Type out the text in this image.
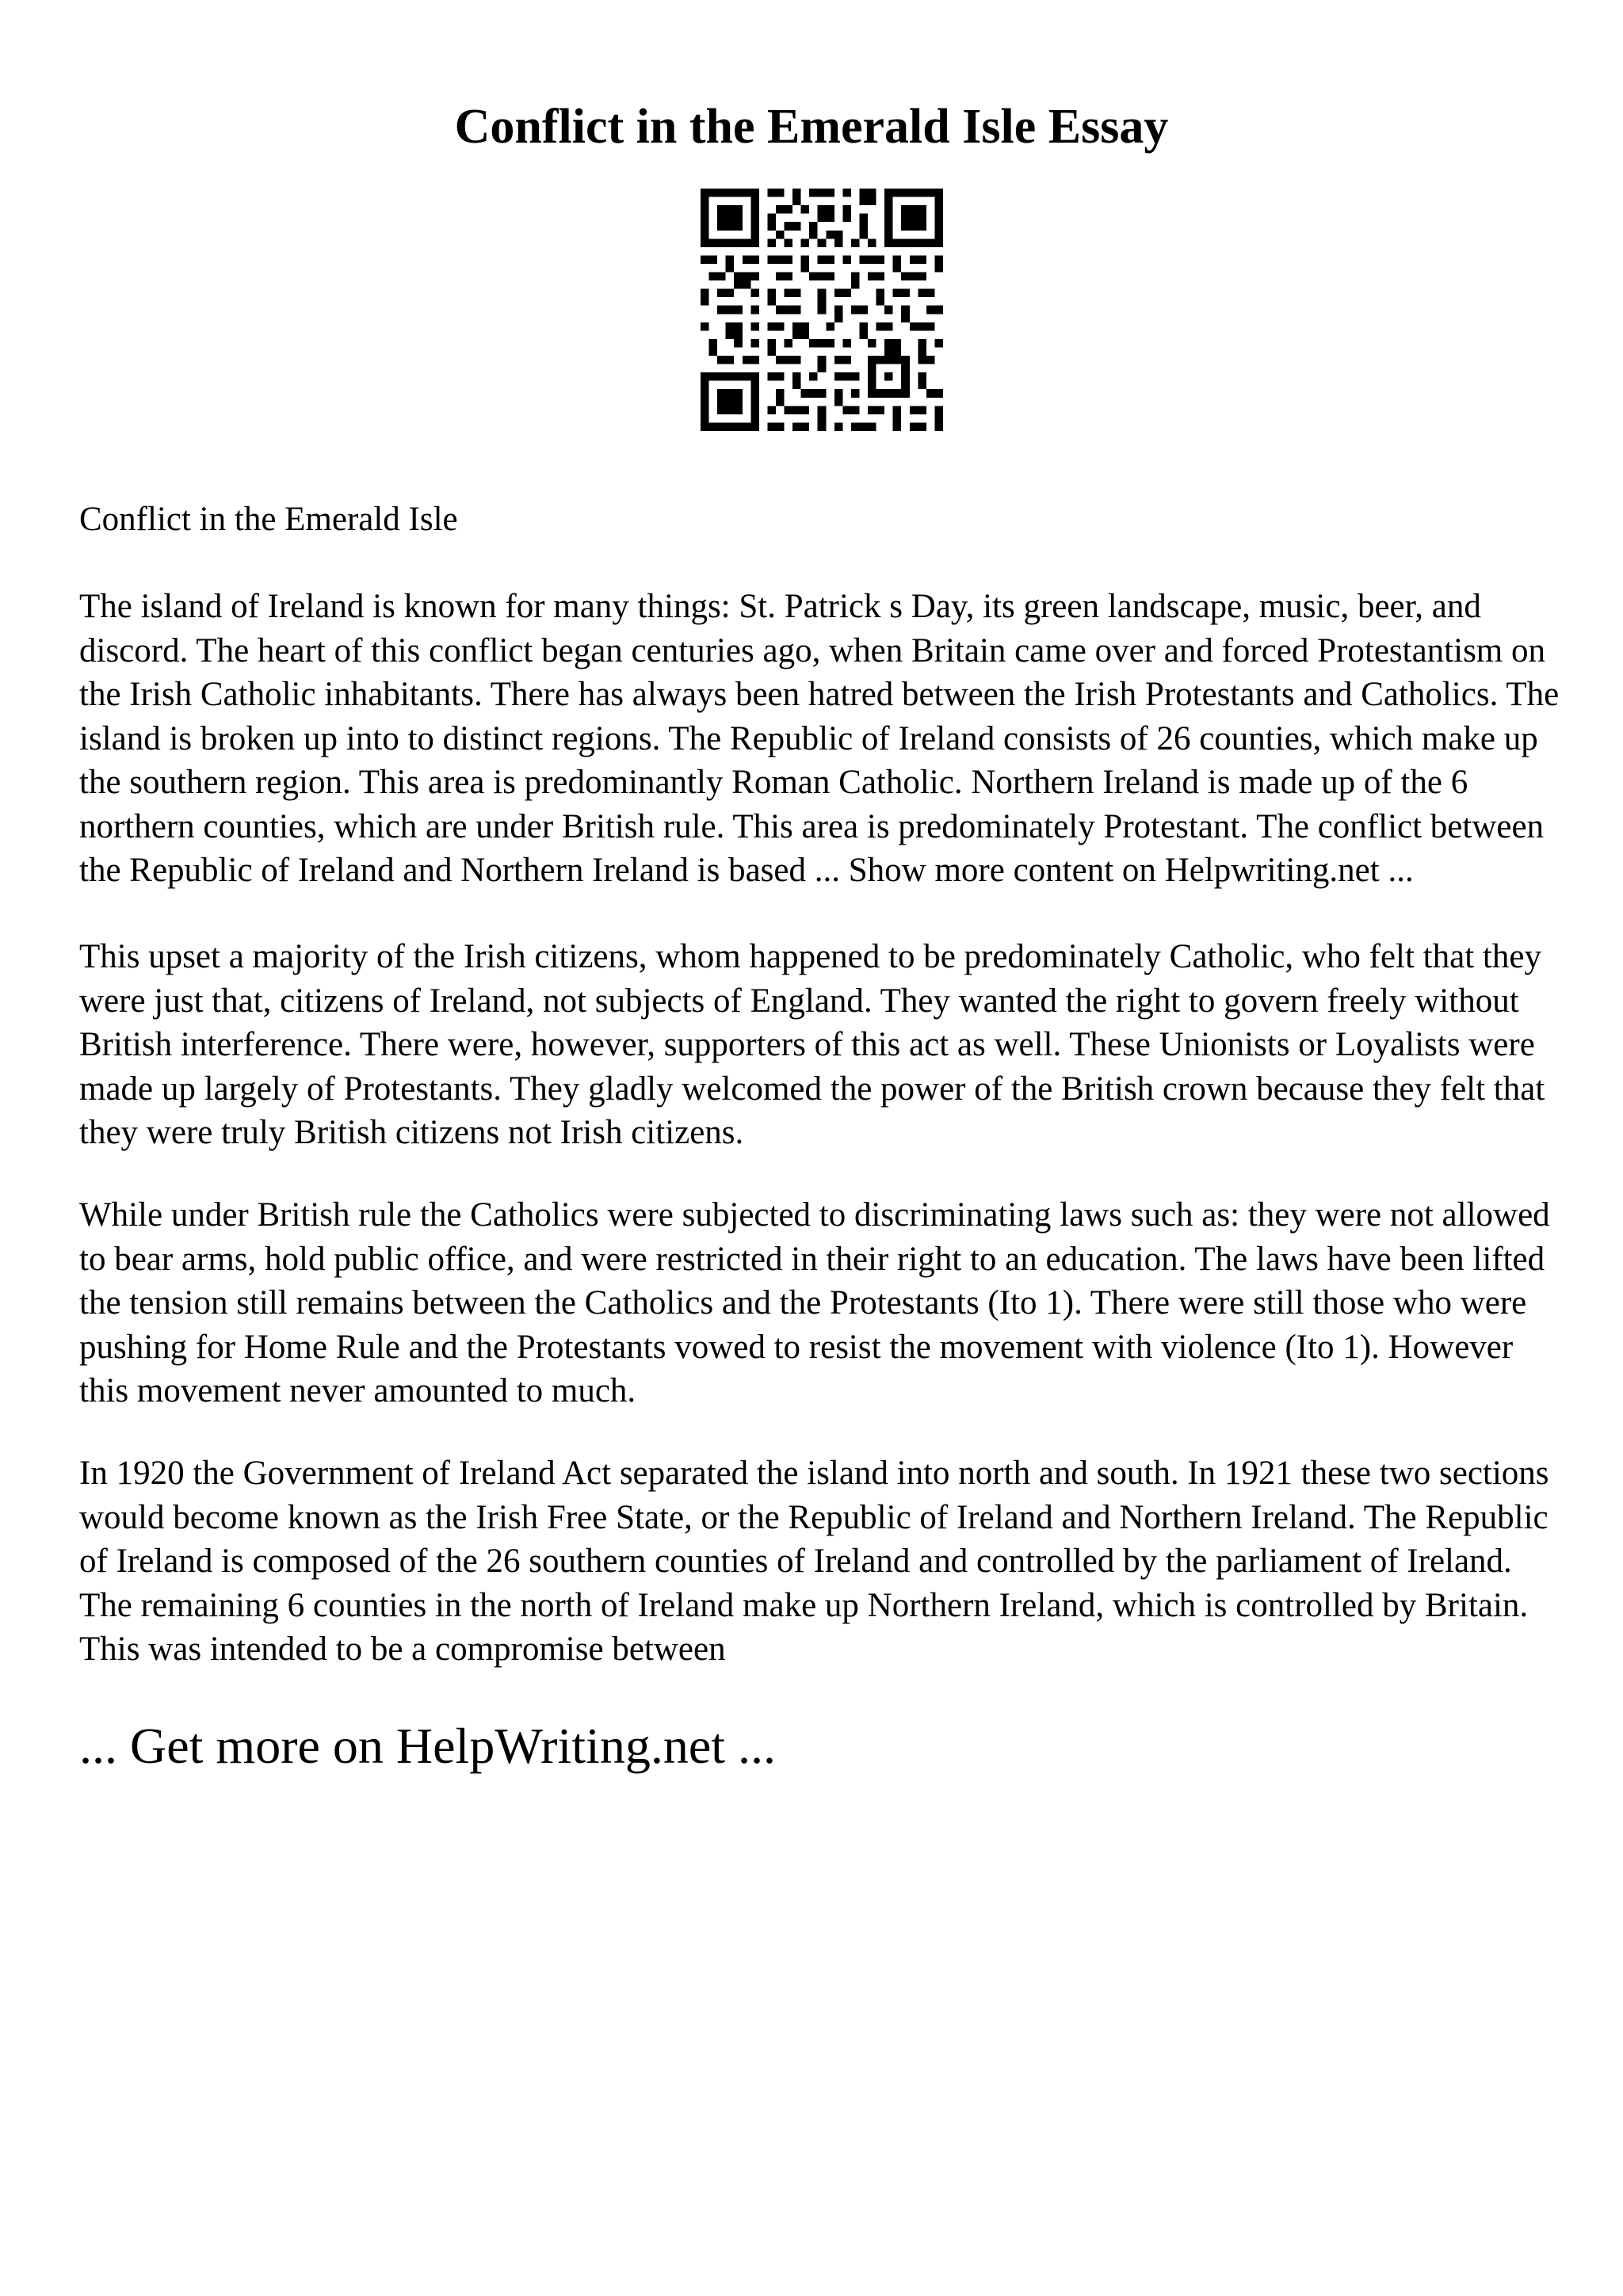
Conflict in the Emerald Isle Essay

Conflict in the Emerald Isle

The island of Ireland is known for many things: St. Patrick s Day, its green landscape, music, beer, and discord. The heart of this conflict began centuries ago, when Britain came over and forced Protestantism on the Irish Catholic inhabitants. There has always been hatred between the Irish Protestants and Catholics. The island is broken up into to distinct regions. The Republic of Ireland consists of 26 counties, which make up the southern region. This area is predominantly Roman Catholic. Northern Ireland is made up of the 6 northern counties, which are under British rule. This area is predominately Protestant. The conflict between the Republic of Ireland and Northern Ireland is based ... Show more content on Helpwriting.net ...

This upset a majority of the Irish citizens, whom happened to be predominately Catholic, who felt that they were just that, citizens of Ireland, not subjects of England. They wanted the right to govern freely without British interference. There were, however, supporters of this act as well. These Unionists or Loyalists were made up largely of Protestants. They gladly welcomed the power of the British crown because they felt that they were truly British citizens not Irish citizens.

While under British rule the Catholics were subjected to discriminating laws such as: they were not allowed to bear arms, hold public office, and were restricted in their right to an education. The laws have been lifted the tension still remains between the Catholics and the Protestants (Ito 1). There were still those who were pushing for Home Rule and the Protestants vowed to resist the movement with violence (Ito 1). However this movement never amounted to much.

In 1920 the Government of Ireland Act separated the island into north and south. In 1921 these two sections would become known as the Irish Free State, or the Republic of Ireland and Northern Ireland. The Republic of Ireland is composed of the 26 southern counties of Ireland and controlled by the parliament of Ireland. The remaining 6 counties in the north of Ireland make up Northern Ireland, which is controlled by Britain. This was intended to be a compromise between

... Get more on HelpWriting.net ...
